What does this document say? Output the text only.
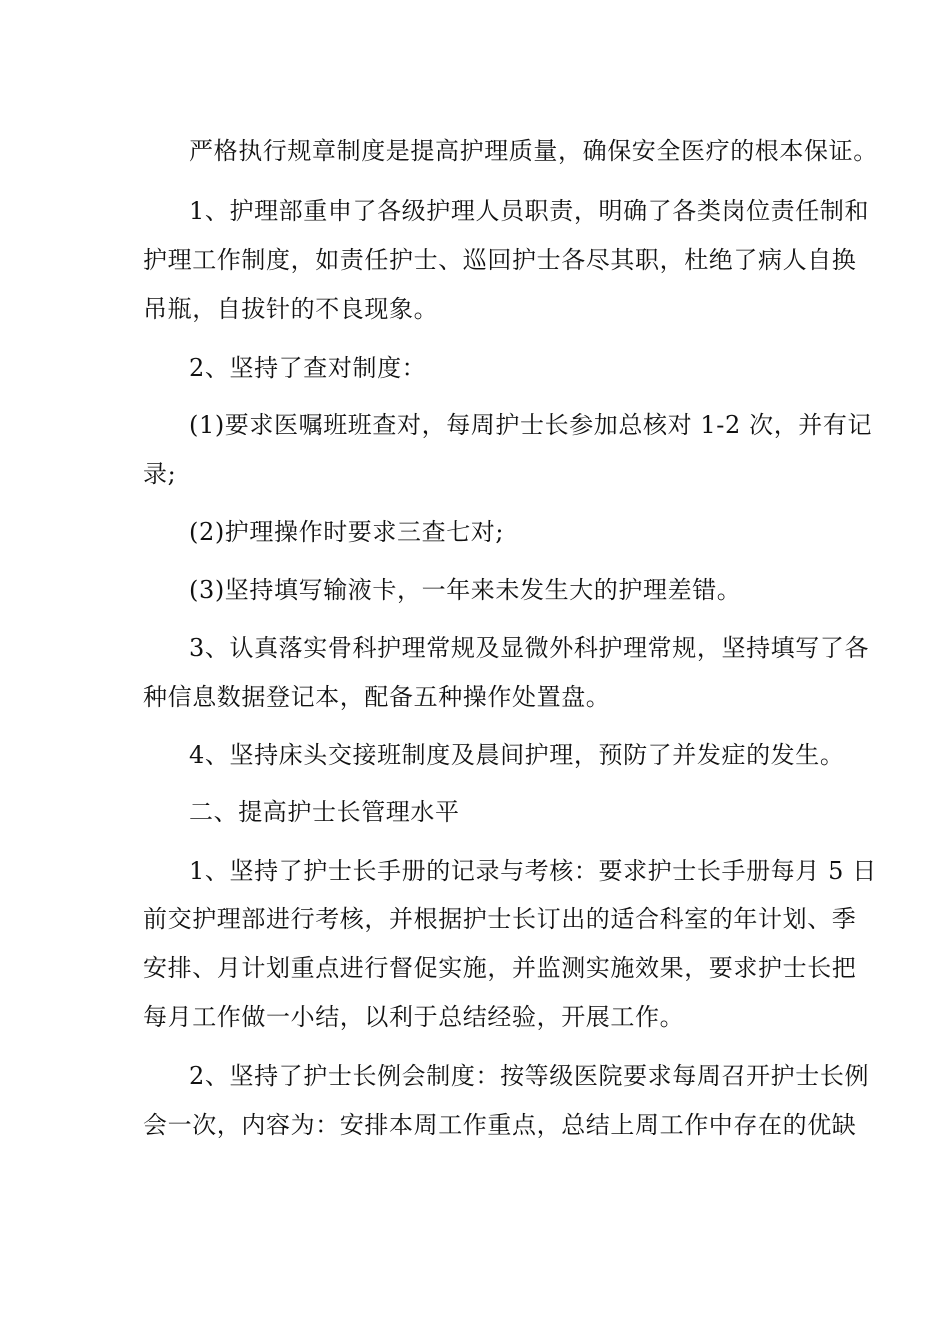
严格执行规章制度是提高护理质量，确保安全医疗的根本保证。
1、护理部重申了各级护理人员职责，明确了各类岗位责任制和
护理工作制度，如责任护士、巡回护士各尽其职，杜绝了病人自换
吊瓶，自拔针的不良现象。
2、坚持了查对制度：
(1)要求医嘱班班查对，每周护士长参加总核对 1-2 次，并有记
录;
(2)护理操作时要求三查七对;
(3)坚持填写输液卡，一年来未发生大的护理差错。
3、认真落实骨科护理常规及显微外科护理常规，坚持填写了各
种信息数据登记本，配备五种操作处置盘。
4、坚持床头交接班制度及晨间护理，预防了并发症的发生。
二、提高护士长管理水平
1、坚持了护士长手册的记录与考核：要求护士长手册每月 5 日
前交护理部进行考核，并根据护士长订出的适合科室的年计划、季
安排、月计划重点进行督促实施，并监测实施效果，要求护士长把
每月工作做一小结，以利于总结经验，开展工作。
2、坚持了护士长例会制度：按等级医院要求每周召开护士长例
会一次，内容为：安排本周工作重点，总结上周工作中存在的优缺
